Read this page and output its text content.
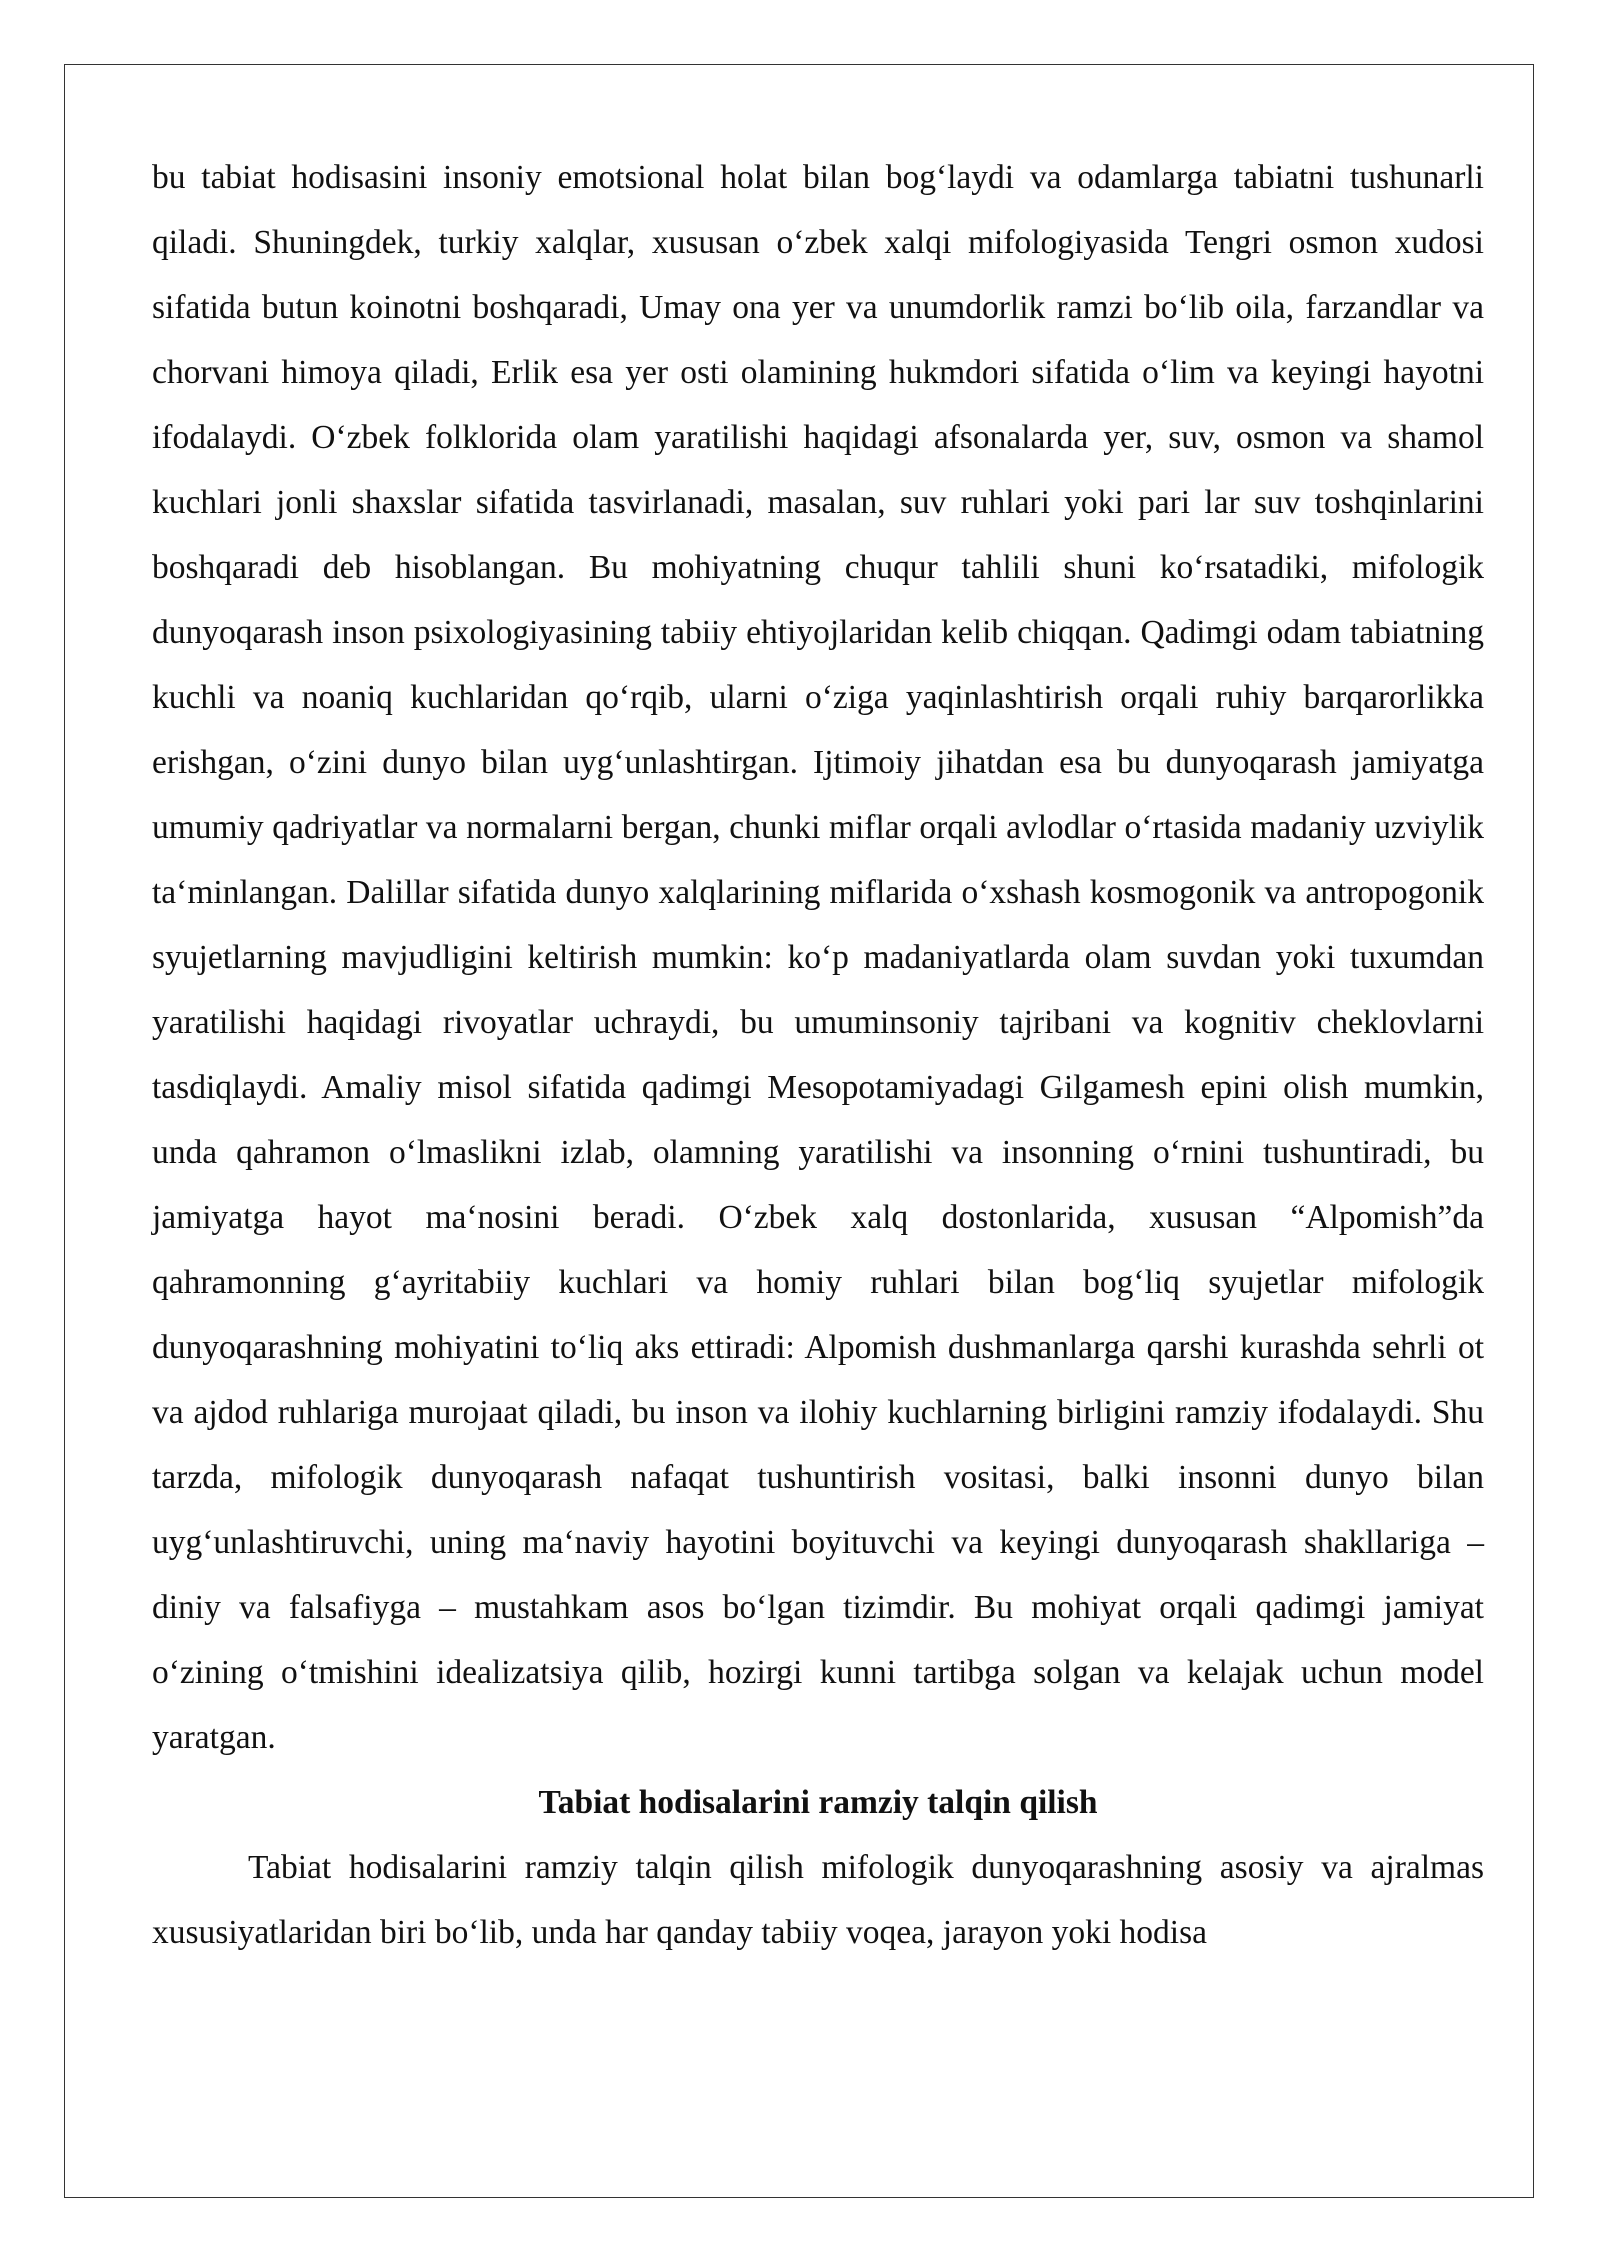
bu tabiat hodisasini insoniy emotsional holat bilan bog‘laydi va odamlarga tabiatni tushunarli qiladi. Shuningdek, turkiy xalqlar, xususan o‘zbek xalqi mifologiyasida Tengri osmon xudosi sifatida butun koinotni boshqaradi, Umay ona yer va unumdorlik ramzi bo‘lib oila, farzandlar va chorvani himoya qiladi, Erlik esa yer osti olamining hukmdori sifatida o‘lim va keyingi hayotni ifodalaydi. O‘zbek folklorida olam yaratilishi haqidagi afsonalarda yer, suv, osmon va shamol kuchlari jonli shaxslar sifatida tasvirlanadi, masalan, suv ruhlari yoki pari lar suv toshqinlarini boshqaradi deb hisoblangan. Bu mohiyatning chuqur tahlili shuni ko‘rsatadiki, mifologik dunyoqarash inson psixologiyasining tabiiy ehtiyojlaridan kelib chiqqan. Qadimgi odam tabiatning kuchli va noaniq kuchlaridan qo‘rqib, ularni o‘ziga yaqinlashtirish orqali ruhiy barqarorlikka erishgan, o‘zini dunyo bilan uyg‘unlashtirgan. Ijtimoiy jihatdan esa bu dunyoqarash jamiyatga umumiy qadriyatlar va normalarni bergan, chunki miflar orqali avlodlar o‘rtasida madaniy uzviylik ta‘minlangan. Dalillar sifatida dunyo xalqlarining miflarida o‘xshash kosmogonik va antropogonik syujetlarning mavjudligini keltirish mumkin: ko‘p madaniyatlarda olam suvdan yoki tuxumdan yaratilishi haqidagi rivoyatlar uchraydi, bu umuminsoniy tajribani va kognitiv cheklovlarni tasdiqlaydi. Amaliy misol sifatida qadimgi Mesopotamiyadagi Gilgamesh epini olish mumkin, unda qahramon o‘lmaslikni izlab, olamning yaratilishi va insonning o‘rnini tushuntiradi, bu jamiyatga hayot ma‘nosini beradi. O‘zbek xalq dostonlarida, xususan “Alpomish”da qahramonning g‘ayritabiiy kuchlari va homiy ruhlari bilan bog‘liq syujetlar mifologik dunyoqarashning mohiyatini to‘liq aks ettiradi: Alpomish dushmanlarga qarshi kurashda sehrli ot va ajdod ruhlariga murojaat qiladi, bu inson va ilohiy kuchlarning birligini ramziy ifodalaydi. Shu tarzda, mifologik dunyoqarash nafaqat tushuntirish vositasi, balki insonni dunyo bilan uyg‘unlashtiruvchi, uning ma‘naviy hayotini boyituvchi va keyingi dunyoqarash shakllariga – diniy va falsafiyga – mustahkam asos bo‘lgan tizimdir. Bu mohiyat orqali qadimgi jamiyat o‘zining o‘tmishini idealizatsiya qilib, hozirgi kunni tartibga solgan va kelajak uchun model yaratgan.

Tabiat hodisalarini ramziy talqin qilish

Tabiat hodisalarini ramziy talqin qilish mifologik dunyoqarashning asosiy va ajralmas xususiyatlaridan biri bo‘lib, unda har qanday tabiiy voqea, jarayon yoki hodisa
